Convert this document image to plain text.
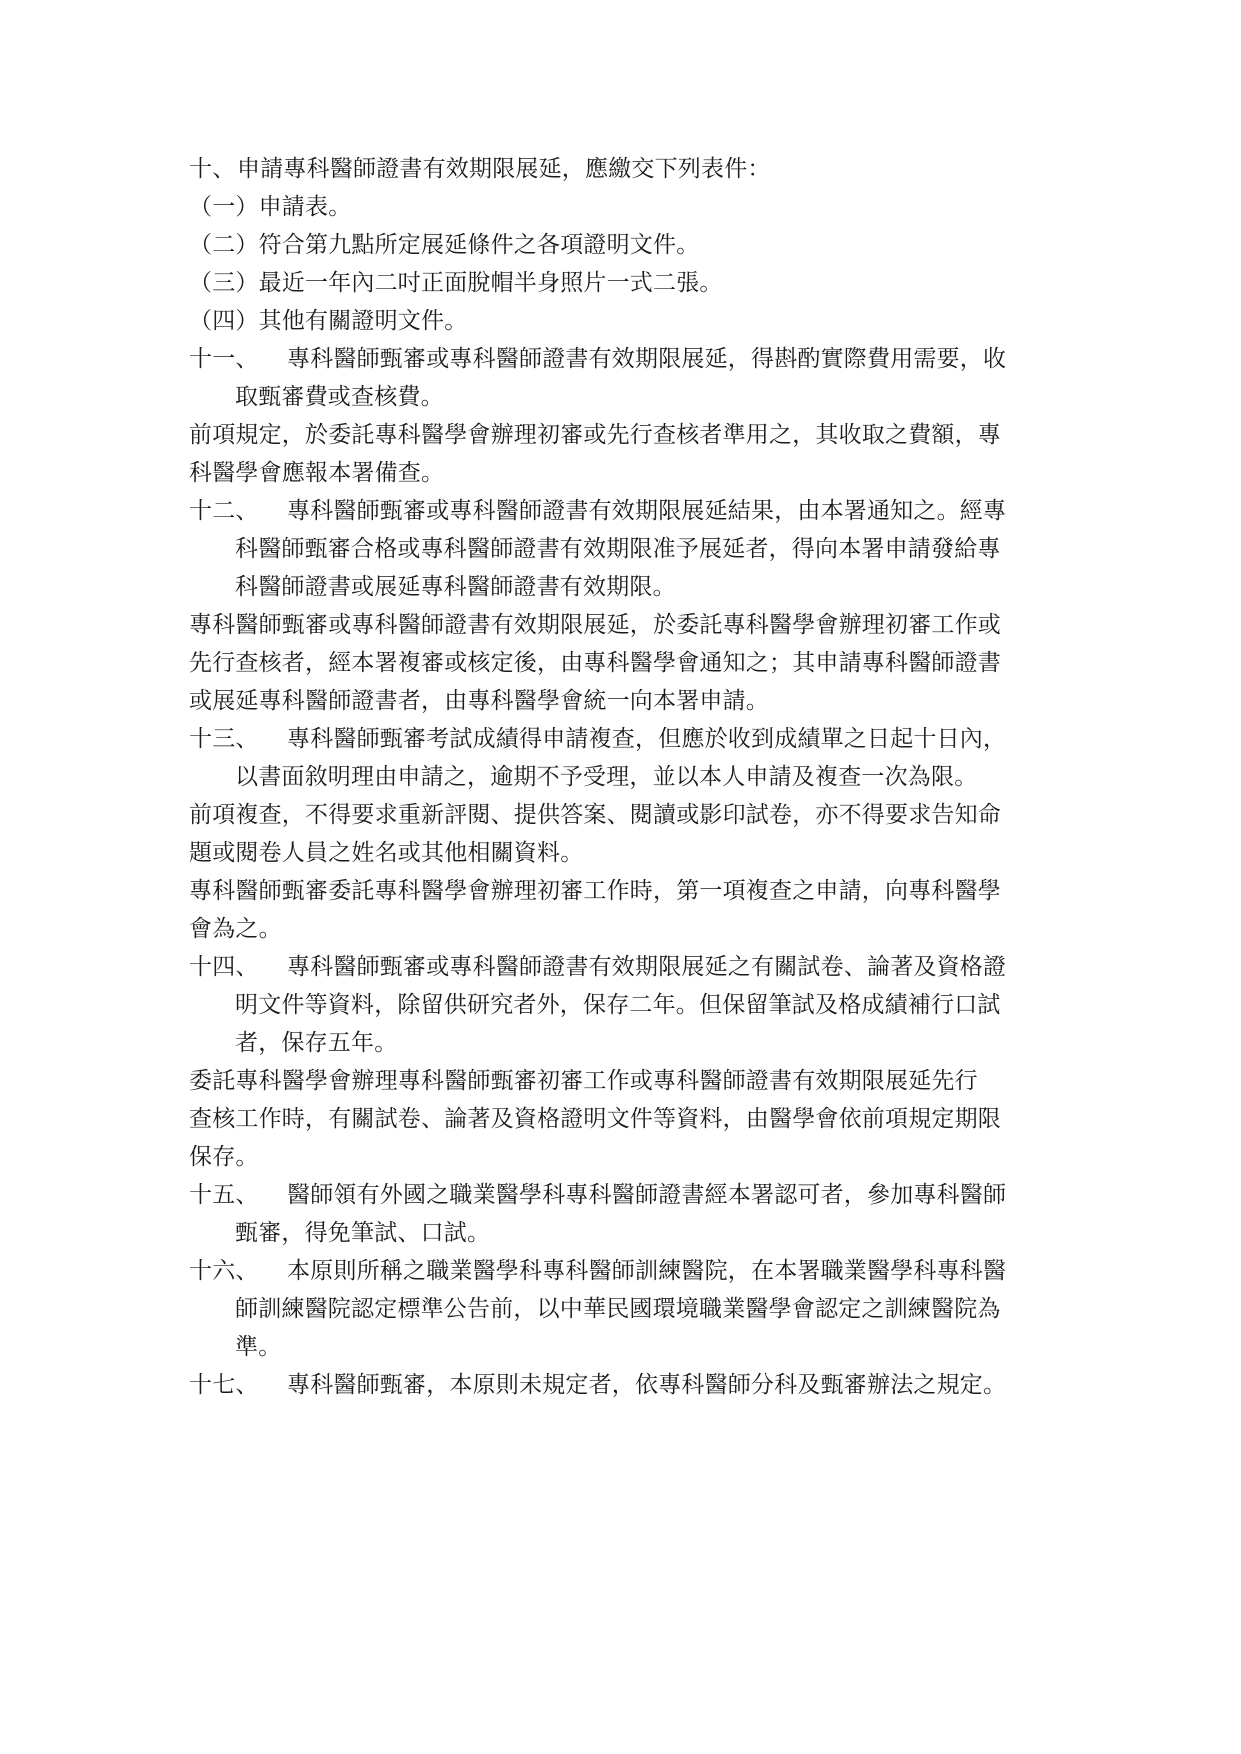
十、申請專科醫師證書有效期限展延，應繳交下列表件：
（一）申請表。
（二）符合第九點所定展延條件之各項證明文件。
（三）最近一年內二吋正面脫帽半身照片一式二張。
（四）其他有關證明文件。
十一、 專科醫師甄審或專科醫師證書有效期限展延，得斟酌實際費用需要，收
取甄審費或查核費。
前項規定，於委託專科醫學會辦理初審或先行查核者準用之，其收取之費額，專
科醫學會應報本署備查。
十二、 專科醫師甄審或專科醫師證書有效期限展延結果，由本署通知之。經專
科醫師甄審合格或專科醫師證書有效期限准予展延者，得向本署申請發給專
科醫師證書或展延專科醫師證書有效期限。
專科醫師甄審或專科醫師證書有效期限展延，於委託專科醫學會辦理初審工作或
先行查核者，經本署複審或核定後，由專科醫學會通知之；其申請專科醫師證書
或展延專科醫師證書者，由專科醫學會統一向本署申請。
十三、 專科醫師甄審考試成績得申請複查，但應於收到成績單之日起十日內，
以書面敘明理由申請之，逾期不予受理，並以本人申請及複查一次為限。
前項複查，不得要求重新評閱、提供答案、閱讀或影印試卷，亦不得要求告知命
題或閱卷人員之姓名或其他相關資料。
專科醫師甄審委託專科醫學會辦理初審工作時，第一項複查之申請，向專科醫學
會為之。
十四、 專科醫師甄審或專科醫師證書有效期限展延之有關試卷、論著及資格證
明文件等資料，除留供研究者外，保存二年。但保留筆試及格成績補行口試
者，保存五年。
委託專科醫學會辦理專科醫師甄審初審工作或專科醫師證書有效期限展延先行
查核工作時，有關試卷、論著及資格證明文件等資料，由醫學會依前項規定期限
保存。
十五、 醫師領有外國之職業醫學科專科醫師證書經本署認可者，參加專科醫師
甄審，得免筆試、口試。
十六、 本原則所稱之職業醫學科專科醫師訓練醫院，在本署職業醫學科專科醫
師訓練醫院認定標準公告前，以中華民國環境職業醫學會認定之訓練醫院為
準。
十七、 專科醫師甄審，本原則未規定者，依專科醫師分科及甄審辦法之規定。
